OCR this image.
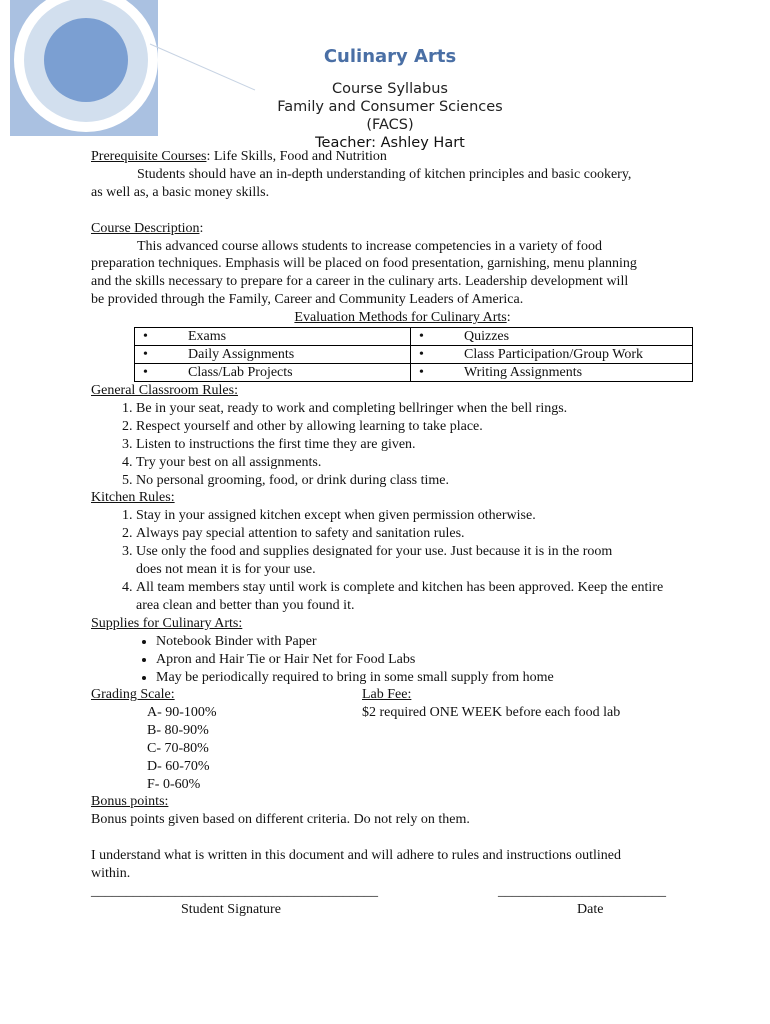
Culinary Arts
Course Syllabus
Family and Consumer Sciences
(FACS)
Teacher: Ashley Hart

Prerequisite Courses: Life Skills, Food and Nutrition

Students should have an in-depth understanding of kitchen principles and basic cookery,

as well as, a basic money skills.

Course Description:

This advanced course allows students to increase competencies in a variety of food

preparation techniques. Emphasis will be placed on food presentation, garnishing, menu planning

and the skills necessary to prepare for a career in the culinary arts. Leadership development will

be provided through the Family, Career and Community Leaders of America.

Evaluation Methods for Culinary Arts:

• Exams	• Quizzes
• Daily Assignments	• Class Participation/Group Work
• Class/Lab Projects	• Writing Assignments

General Classroom Rules:

1. Be in your seat, ready to work and completing bellringer when the bell rings.
2. Respect yourself and other by allowing learning to take place.
3. Listen to instructions the first time they are given.
4. Try your best on all assignments.
5. No personal grooming, food, or drink during class time.

Kitchen Rules:

1. Stay in your assigned kitchen except when given permission otherwise.
2. Always pay special attention to safety and sanitation rules.
3. Use only the food and supplies designated for your use. Just because it is in the room does not mean it is for your use.
4. All team members stay until work is complete and kitchen has been approved. Keep the entire area clean and better than you found it.

Supplies for Culinary Arts:

• Notebook Binder with Paper
• Apron and Hair Tie or Hair Net for Food Labs
• May be periodically required to bring in some small supply from home

Grading Scale:

A- 90-100%

B- 80-90%

C- 70-80%

D- 60-70%

F- 0-60%

Lab Fee:

$2 required ONE WEEK before each food lab

Bonus points:

Bonus points given based on different criteria. Do not rely on them.

I understand what is written in this document and will adhere to rules and instructions outlined

within.

_________________________________________	________________________
Student Signature	Date
